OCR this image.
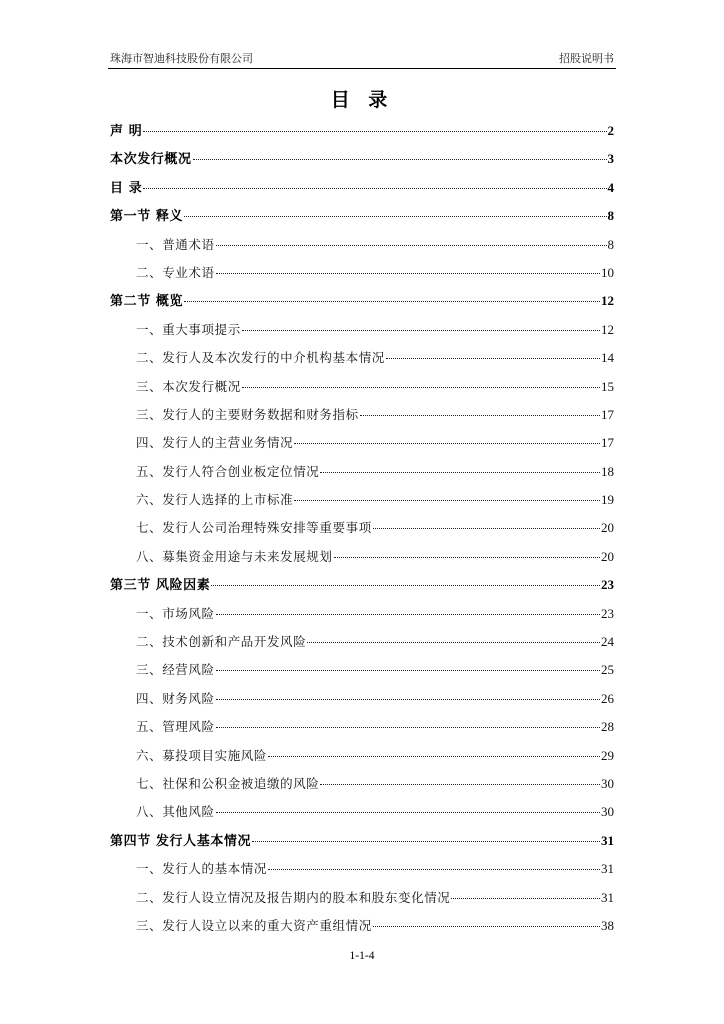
珠海市智迪科技股份有限公司	招股说明书
目 录
声 明	2
本次发行概况	3
目 录	4
第一节 释义	8
一、普通术语	8
二、专业术语	10
第二节 概览	12
一、重大事项提示	12
二、发行人及本次发行的中介机构基本情况	14
三、本次发行概况	15
三、发行人的主要财务数据和财务指标	17
四、发行人的主营业务情况	17
五、发行人符合创业板定位情况	18
六、发行人选择的上市标准	19
七、发行人公司治理特殊安排等重要事项	20
八、募集资金用途与未来发展规划	20
第三节 风险因素	23
一、市场风险	23
二、技术创新和产品开发风险	24
三、经营风险	25
四、财务风险	26
五、管理风险	28
六、募投项目实施风险	29
七、社保和公积金被追缴的风险	30
八、其他风险	30
第四节 发行人基本情况	31
一、发行人的基本情况	31
二、发行人设立情况及报告期内的股本和股东变化情况	31
三、发行人设立以来的重大资产重组情况	38
1-1-4
